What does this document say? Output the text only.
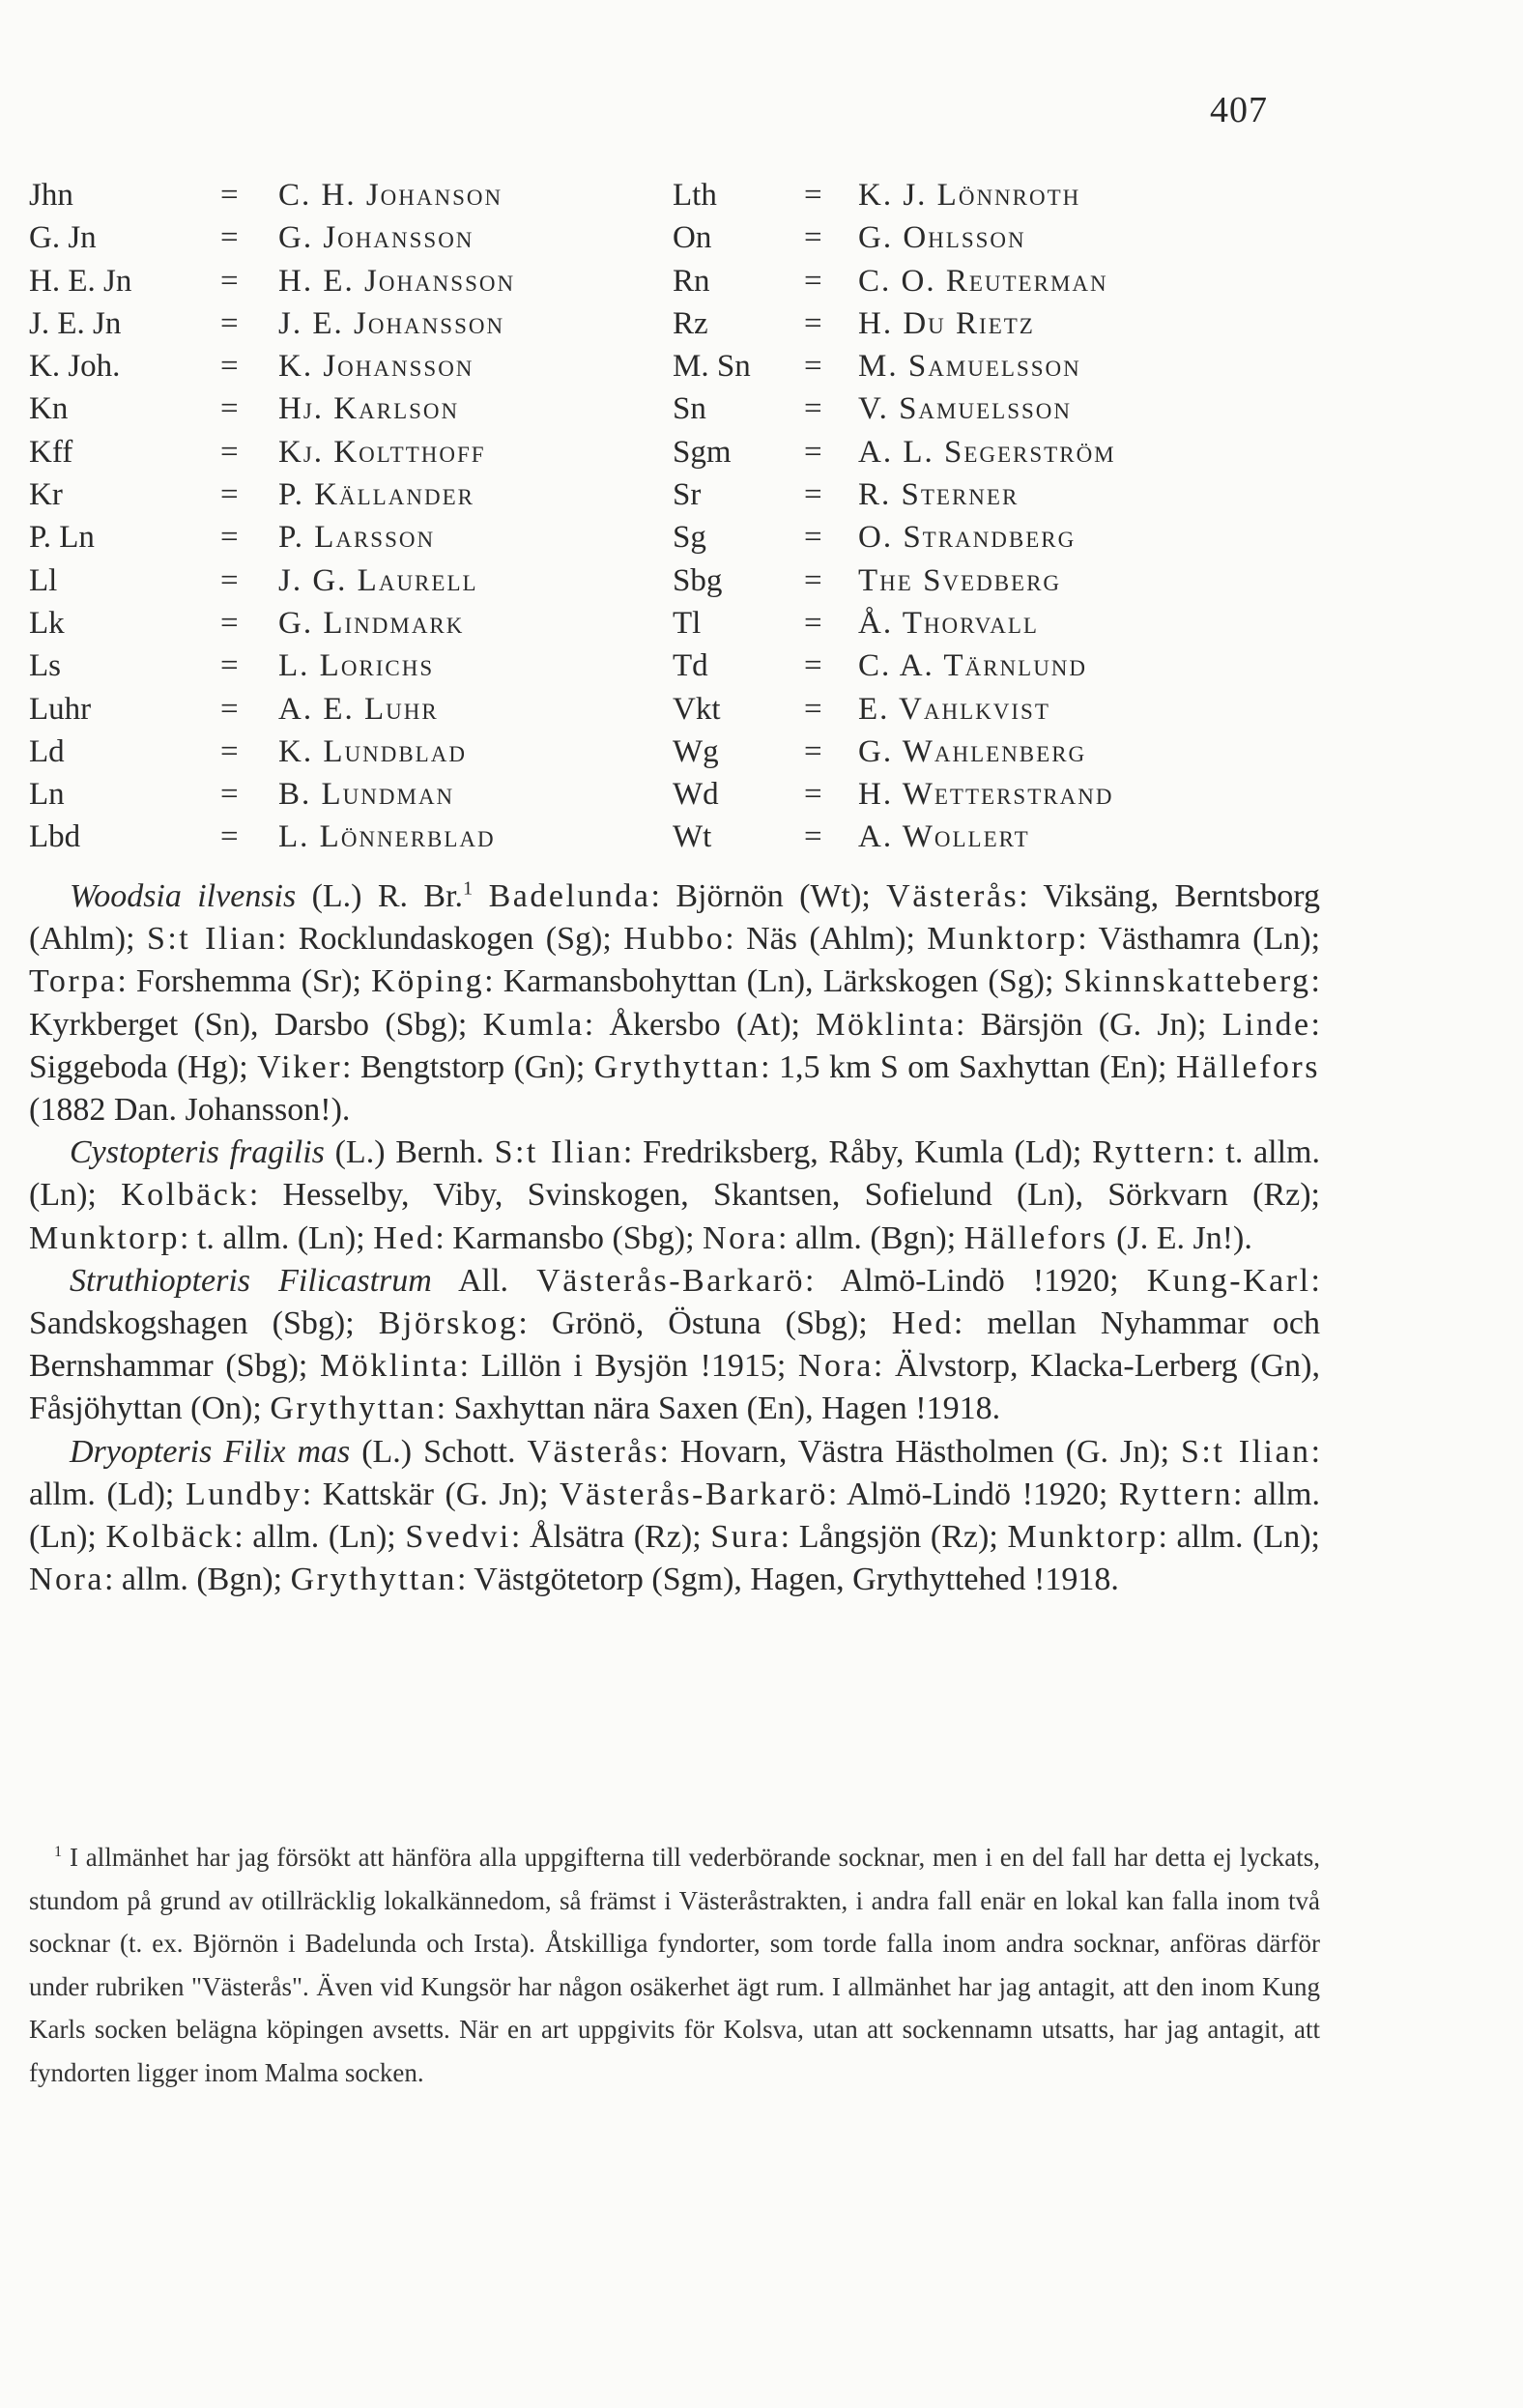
407
Jhn	= C. H. Johanson
G. Jn	= G. Johansson
H. E. Jn	= H. E. Johansson
J. E. Jn	= J. E. Johansson
K. Joh.	= K. Johansson
Kn	= Hj. Karlson
Kff	= Kj. Koltthoff
Kr	= P. Källander
P. Ln	= P. Larsson
Ll	= J. G. Laurell
Lk	= G. Lindmark
Ls	= L. Lorichs
Luhr	= A. E. Luhr
Ld	= K. Lundblad
Ln	= B. Lundman
Lbd	= L. Lönnerblad
Lth	= K. J. Lönnroth
On	= G. Ohlsson
Rn	= C. O. Reuterman
Rz	= H. Du Rietz
M. Sn = M. Samuelsson
Sn	= V. Samuelsson
Sgm = A. L. Segerström
Sr	= R. Sterner
Sg	= O. Strandberg
Sbg	= The Svedberg
Tl	= Å. Thorvall
Td	= C. A. Tärnlund
Vkt	= E. Vahlkvist
Wg	= G. Wahlenberg
Wd	= H. Wetterstrand
Wt	= A. Wollert

Woodsia ilvensis (L.) R. Br.$^1$ Badelunda: Björnön (Wt); Västerås: Viksäng, Berntsborg (Ahlm); S:t Ilian: Rocklundaskogen (Sg); Hubbo: Näs (Ahlm); Munktorp: Västhamra (Ln); Torpa: Forshemma (Sr); Köping: Karmansbohyttan (Ln), Lärkskogen (Sg); Skinnskatteberg: Kyrkberget (Sn), Darsbo (Sbg); Kumla: Åkersbo (At); Möklinta: Bärsjön (G. Jn); Linde: Siggeboda (Hg); Viker: Bengtstorp (Gn); Grythyttan: 1,5 km S om Saxhyttan (En); Hällefors (1882 Dan. Johansson!).

Cystopteris fragilis (L.) Bernh. S:t Ilian: Fredriksberg, Råby, Kumla (Ld); Ryttern: t. allm. (Ln); Kolbäck: Hesselby, Viby, Svinskogen, Skantsen, Sofielund (Ln), Sörkvarn (Rz); Munktorp: t. allm. (Ln); Hed: Karmansbo (Sbg); Nora: allm. (Bgn); Hällefors (J. E. Jn!).

Struthiopteris Filicastrum All. Västerås-Barkarö: Almö-Lindö !1920; Kung-Karl: Sandskogshagen (Sbg); Björskog: Grönö, Östuna (Sbg); Hed: mellan Nyhammar och Bernshammar (Sbg); Möklinta: Lillön i Bysjön !1915; Nora: Älvstorp, Klacka-Lerberg (Gn), Fåsjöhyttan (On); Grythyttan: Saxhyttan nära Saxen (En), Hagen !1918.

Dryopteris Filix mas (L.) Schott. Västerås: Hovarn, Västra Hästholmen (G. Jn); S:t Ilian: allm. (Ld); Lundby: Kattskär (G. Jn); Västerås-Barkarö: Almö-Lindö !1920; Ryttern: allm. (Ln); Kolbäck: allm. (Ln); Svedvi: Ålsätra (Rz); Sura: Långsjön (Rz); Munktorp: allm. (Ln); Nora: allm. (Bgn); Grythyttan: Västgötetorp (Sgm), Hagen, Grythyttehed !1918.

$^1$ I allmänhet har jag försökt att hänföra alla uppgifterna till vederbörande socknar, men i en del fall har detta ej lyckats, stundom på grund av otillräcklig lokalkännedom, så främst i Västeråstrakten, i andra fall enär en lokal kan falla inom två socknar (t. ex. Björnön i Badelunda och Irsta). Åtskilliga fyndorter, som torde falla inom andra socknar, anföras därför under rubriken "Västerås". Även vid Kungsör har någon osäkerhet ägt rum. I allmänhet har jag antagit, att den inom Kung Karls socken belägna köpingen avsetts. När en art uppgivits för Kolsva, utan att sockennamn utsatts, har jag antagit, att fyndorten ligger inom Malma socken.
